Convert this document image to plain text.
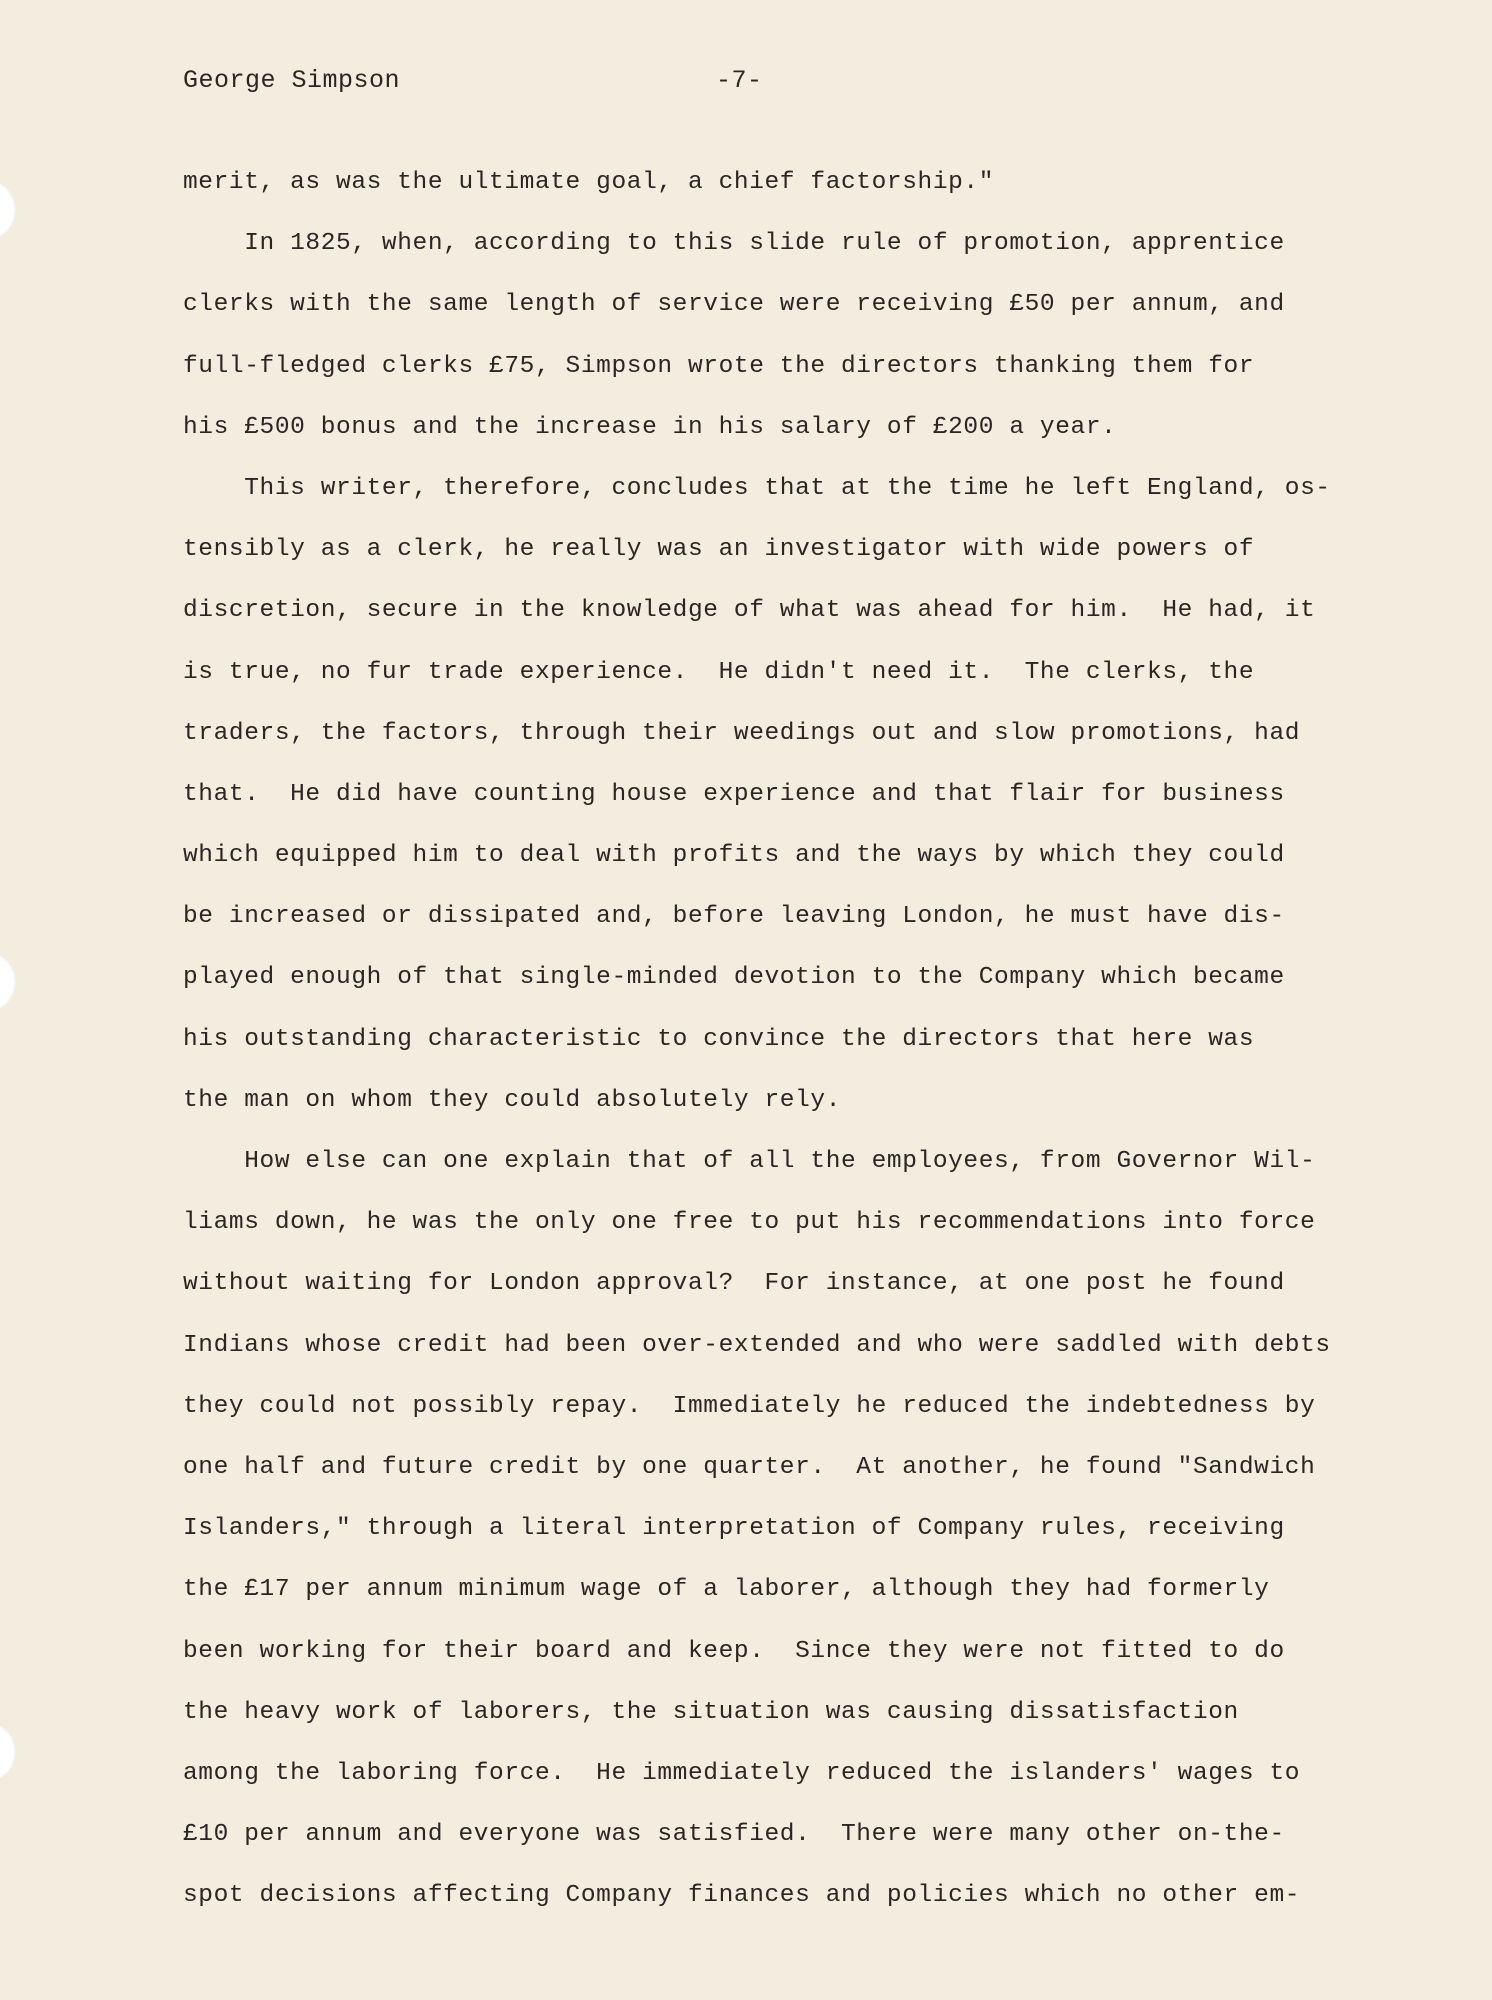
George Simpson	-7-
merit, as was the ultimate goal, a chief factorship."
In 1825, when, according to this slide rule of promotion, apprentice
clerks with the same length of service were receiving £50 per annum, and
full-fledged clerks £75, Simpson wrote the directors thanking them for
his £500 bonus and the increase in his salary of £200 a year.
This writer, therefore, concludes that at the time he left England, os-
tensibly as a clerk, he really was an investigator with wide powers of
discretion, secure in the knowledge of what was ahead for him.  He had, it
is true, no fur trade experience.  He didn't need it.  The clerks, the
traders, the factors, through their weedings out and slow promotions, had
that.  He did have counting house experience and that flair for business
which equipped him to deal with profits and the ways by which they could
be increased or dissipated and, before leaving London, he must have dis-
played enough of that single-minded devotion to the Company which became
his outstanding characteristic to convince the directors that here was
the man on whom they could absolutely rely.
How else can one explain that of all the employees, from Governor Wil-
liams down, he was the only one free to put his recommendations into force
without waiting for London approval?  For instance, at one post he found
Indians whose credit had been over-extended and who were saddled with debts
they could not possibly repay.  Immediately he reduced the indebtedness by
one half and future credit by one quarter.  At another, he found "Sandwich
Islanders," through a literal interpretation of Company rules, receiving
the £17 per annum minimum wage of a laborer, although they had formerly
been working for their board and keep.  Since they were not fitted to do
the heavy work of laborers, the situation was causing dissatisfaction
among the laboring force.  He immediately reduced the islanders' wages to
£10 per annum and everyone was satisfied.  There were many other on-the-
spot decisions affecting Company finances and policies which no other em-
